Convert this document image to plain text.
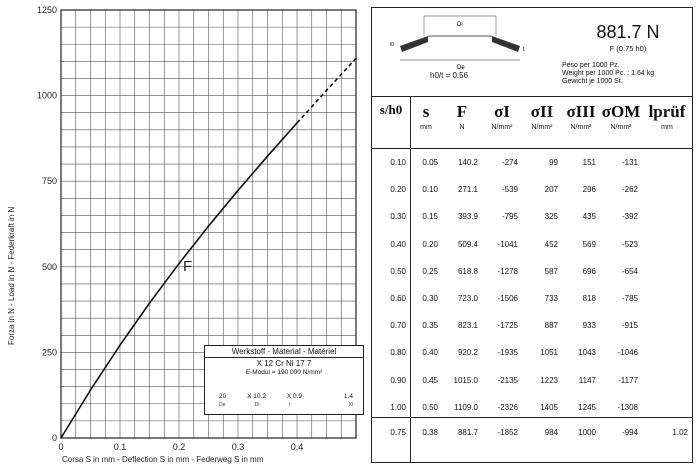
0
250
500
750
1000
1250
0	0.1	0.2	0.3	0.4
F
Corsa S in mm - Deflection S in mm - Federweg S in mm
Forza in N - Load in N - Federkraft in N
Werkstoff - Material - Matériel
X 12 Cr Ni 17 7
E-Modul = 190 000 N/mm²
20	X 10.2	X 0.9	1.4
De	Di	t	l0
Di
De
t
l0
881.7 N
F (0.75 h0)
Peso per 1000 Pz.
Weight per 1000 Pc. : 1.64 kg
Gewicht je 1000 St.
h0/t = 0.56
s/h0	s
mm
F
N
σI
N/mm²
σII
N/mm²
σIII
N/mm²
σOM
N/mm²
lprüf
mm
0.10	0.05	140.2	-274	99	151	-131
0.20	0.10	271.1	-539	207	296	-262
0.30	0.15	393.9	-795	325	435	-392
0.40	0.20	509.4	-1041	452	569	-523
0.50	0.25	618.8	-1278	587	696	-654
0.60	0.30	723.0	-1506	733	818	-785
0.70	0.35	823.1	-1725	887	933	-915
0.80	0.40	920.2	-1935	1051	1043	-1046
0.90	0.45	1015.0	-2135	1223	1147	-1177
1.00	0.50	1109.0	-2326	1405	1245	-1308
0.75	0.38	881.7	-1852	984	1000	-994	1.02
